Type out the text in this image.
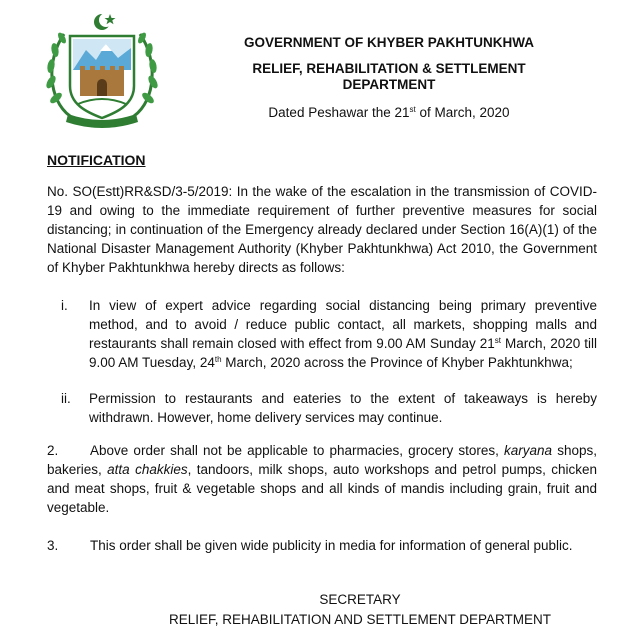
GOVERNMENT OF KHYBER PAKHTUNKHWA
RELIEF, REHABILITATION & SETTLEMENT
DEPARTMENT
Dated Peshawar the 21st of March, 2020
NOTIFICATION
No. SO(Estt)RR&SD/3-5/2019: In the wake of the escalation in the transmission of COVID-19 and owing to the immediate requirement of further preventive measures for social distancing; in continuation of the Emergency already declared under Section 16(A)(1) of the National Disaster Management Authority (Khyber Pakhtunkhwa) Act 2010, the Government of Khyber Pakhtunkhwa hereby directs as follows:
i. In view of expert advice regarding social distancing being primary preventive method, and to avoid / reduce public contact, all markets, shopping malls and restaurants shall remain closed with effect from 9.00 AM Sunday 21st March, 2020 till 9.00 AM Tuesday, 24th March, 2020 across the Province of Khyber Pakhtunkhwa;
ii. Permission to restaurants and eateries to the extent of takeaways is hereby withdrawn. However, home delivery services may continue.
2. Above order shall not be applicable to pharmacies, grocery stores, karyana shops, bakeries, atta chakkies, tandoors, milk shops, auto workshops and petrol pumps, chicken and meat shops, fruit & vegetable shops and all kinds of mandis including grain, fruit and vegetable.
3. This order shall be given wide publicity in media for information of general public.
SECRETARY
RELIEF, REHABILITATION AND SETTLEMENT DEPARTMENT
